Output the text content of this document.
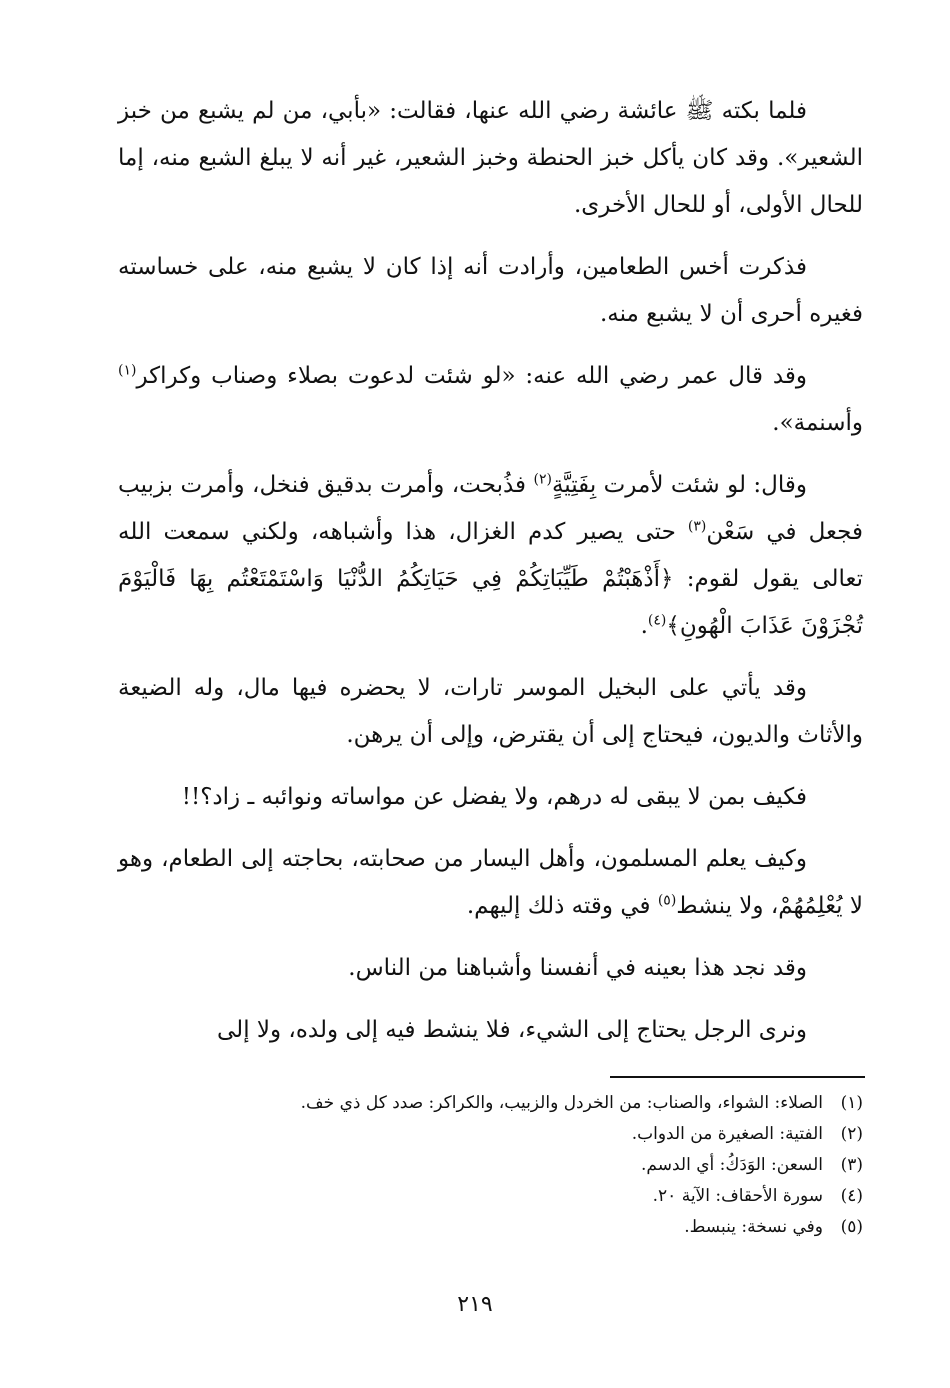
فلما بكته ﷺ عائشة رضي الله عنها، فقالت: «بأبي، من لم يشبع من خبز الشعير». وقد كان يأكل خبز الحنطة وخبز الشعير، غير أنه لا يبلغ الشبع منه، إما للحال الأولى، أو للحال الأخرى.

فذكرت أخس الطعامين، وأرادت أنه إذا كان لا يشبع منه، على خساسته فغيره أحرى أن لا يشبع منه.

وقد قال عمر رضي الله عنه: «لو شئت لدعوت بصلاء وصناب وكراكر$^{(١)}$ وأسنمة».

وقال: لو شئت لأمرت بِفَتِيَّةٍ$^{(٢)}$ فذُبحت، وأمرت بدقيق فنخل، وأمرت بزبيب فجعل في سَعْن$^{(٣)}$ حتى يصير كدم الغزال، هذا وأشباهه، ولكني سمعت الله تعالى يقول لقوم: ﴿أَذْهَبْتُمْ طَيِّبَاتِكُمْ فِي حَيَاتِكُمُ الدُّنْيَا وَاسْتَمْتَعْتُم بِهَا فَالْيَوْمَ تُجْزَوْنَ عَذَابَ الْهُونِ﴾$^{(٤)}$.

وقد يأتي على البخيل الموسر تارات، لا يحضره فيها مال، وله الضيعة والأثاث والديون، فيحتاج إلى أن يقترض، وإلى أن يرهن.

فكيف بمن لا يبقى له درهم، ولا يفضل عن مواساته ونوائبه ـ زاد؟!!

وكيف يعلم المسلمون، وأهل اليسار من صحابته، بحاجته إلى الطعام، وهو لا يُعْلِمُهُمْ، ولا ينشط$^{(٥)}$ في وقته ذلك إليهم.

وقد نجد هذا بعينه في أنفسنا وأشباهنا من الناس.

ونرى الرجل يحتاج إلى الشيء، فلا ينشط فيه إلى ولده، ولا إلى

(١)
الصلاء: الشواء، والصناب: من الخردل والزبيب، والكراكر: صدد كل ذي خف.

(٢)
الفتية: الصغيرة من الدواب.

(٣)
السعن: الوَدَكُ: أي الدسم.

(٤)
سورة الأحقاف: الآية ٢٠.

(٥)
وفي نسخة: ينبسط.

٢١٩
